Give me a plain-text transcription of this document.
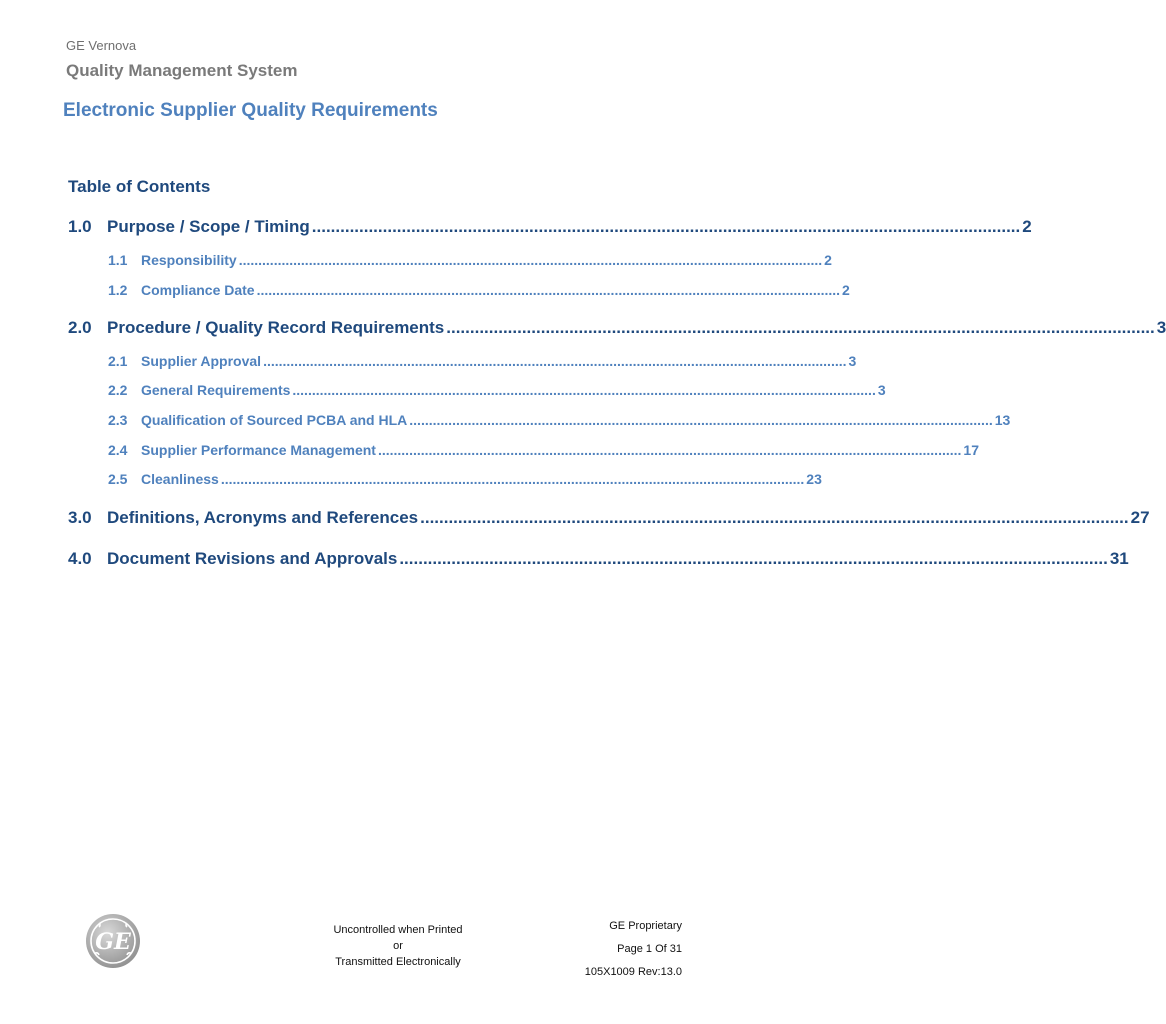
GE Vernova
Quality Management System
Electronic Supplier Quality Requirements
Table of Contents
1.0 Purpose / Scope / Timing ...................................................................................................................................................... 2
1.1 Responsibility ...................................................................................................................................................... 2
1.2 Compliance Date ...................................................................................................................................................... 2
2.0 Procedure / Quality Record Requirements ...................................................................................................................................................... 3
2.1 Supplier Approval ...................................................................................................................................................... 3
2.2 General Requirements ...................................................................................................................................................... 3
2.3 Qualification of Sourced PCBA and HLA ...................................................................................................................................................... 13
2.4 Supplier Performance Management ...................................................................................................................................................... 17
2.5 Cleanliness ...................................................................................................................................................... 23
3.0 Definitions, Acronyms and References ...................................................................................................................................................... 27
4.0 Document Revisions and Approvals ...................................................................................................................................................... 31
GE	Uncontrolled when Printed
or
Transmitted Electronically
GE Proprietary
Page 1 Of 31
105X1009 Rev:13.0
